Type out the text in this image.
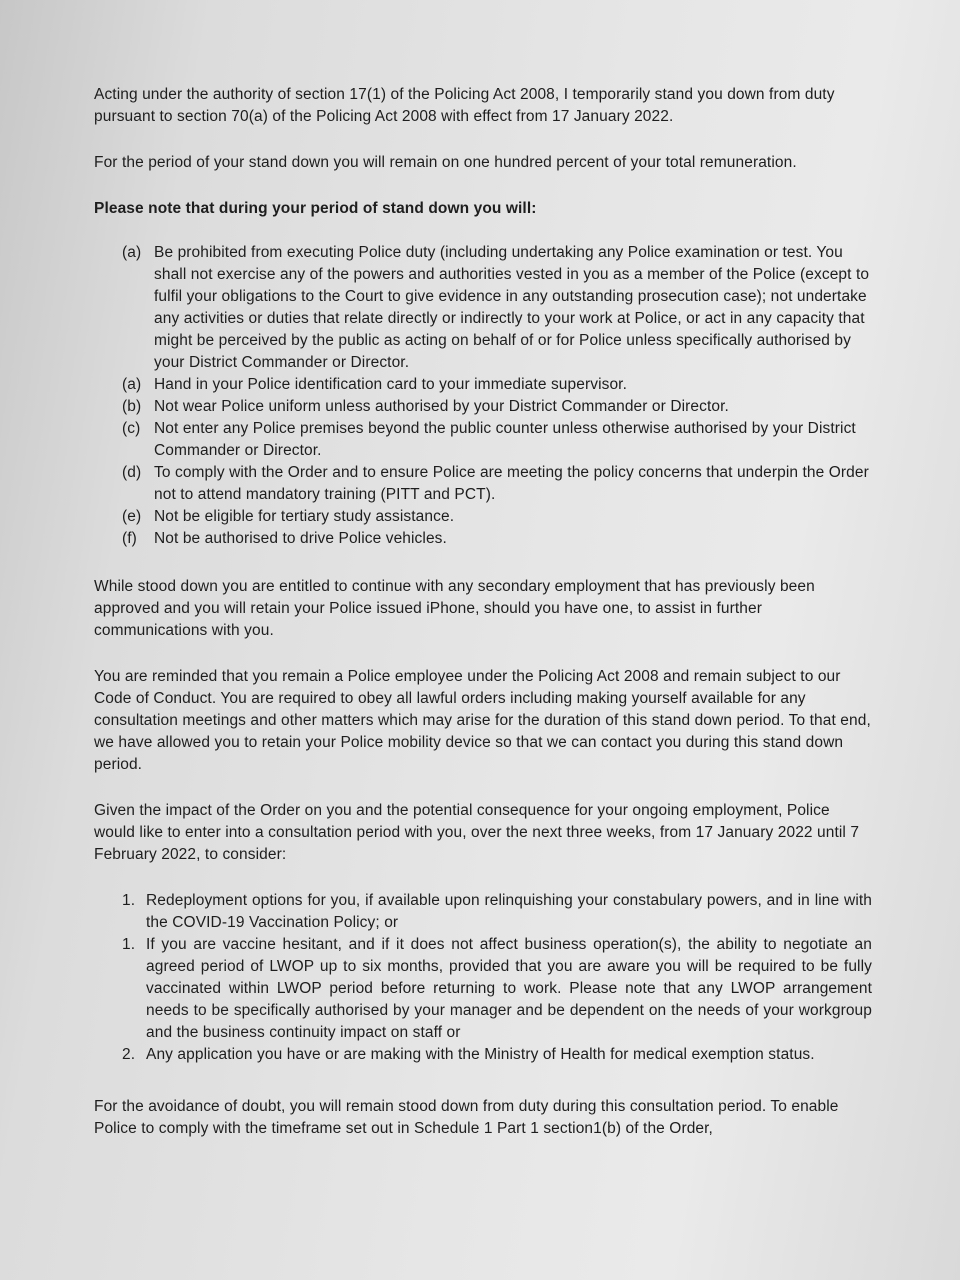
Acting under the authority of section 17(1) of the Policing Act 2008, I temporarily stand you down from duty pursuant to section 70(a) of the Policing Act 2008 with effect from 17 January 2022.

For the period of your stand down you will remain on one hundred percent of your total remuneration.

Please note that during your period of stand down you will:

(a) Be prohibited from executing Police duty (including undertaking any Police examination or test. You shall not exercise any of the powers and authorities vested in you as a member of the Police (except to fulfil your obligations to the Court to give evidence in any outstanding prosecution case); not undertake any activities or duties that relate directly or indirectly to your work at Police, or act in any capacity that might be perceived by the public as acting on behalf of or for Police unless specifically authorised by your District Commander or Director.
(a) Hand in your Police identification card to your immediate supervisor.
(b) Not wear Police uniform unless authorised by your District Commander or Director.
(c) Not enter any Police premises beyond the public counter unless otherwise authorised by your District Commander or Director.
(d) To comply with the Order and to ensure Police are meeting the policy concerns that underpin the Order not to attend mandatory training (PITT and PCT).
(e) Not be eligible for tertiary study assistance.
(f)	Not be authorised to drive Police vehicles.

While stood down you are entitled to continue with any secondary employment that has previously been approved and you will retain your Police issued iPhone, should you have one, to assist in further communications with you.

You are reminded that you remain a Police employee under the Policing Act 2008 and remain subject to our Code of Conduct. You are required to obey all lawful orders including making yourself available for any consultation meetings and other matters which may arise for the duration of this stand down period. To that end, we have allowed you to retain your Police mobility device so that we can contact you during this stand down period.

Given the impact of the Order on you and the potential consequence for your ongoing employment, Police would like to enter into a consultation period with you, over the next three weeks, from 17 January 2022 until 7 February 2022, to consider:

1. Redeployment options for you, if available upon relinquishing your constabulary powers, and in line with the COVID-19 Vaccination Policy; or
1. If you are vaccine hesitant, and if it does not affect business operation(s), the ability to negotiate an agreed period of LWOP up to six months, provided that you are aware you will be required to be fully vaccinated within LWOP period before returning to work. Please note that any LWOP arrangement needs to be specifically authorised by your manager and be dependent on the needs of your workgroup and the business continuity impact on staff or
2. Any application you have or are making with the Ministry of Health for medical exemption status.

For the avoidance of doubt, you will remain stood down from duty during this consultation period. To enable Police to comply with the timeframe set out in Schedule 1 Part 1 section1(b) of the Order,
